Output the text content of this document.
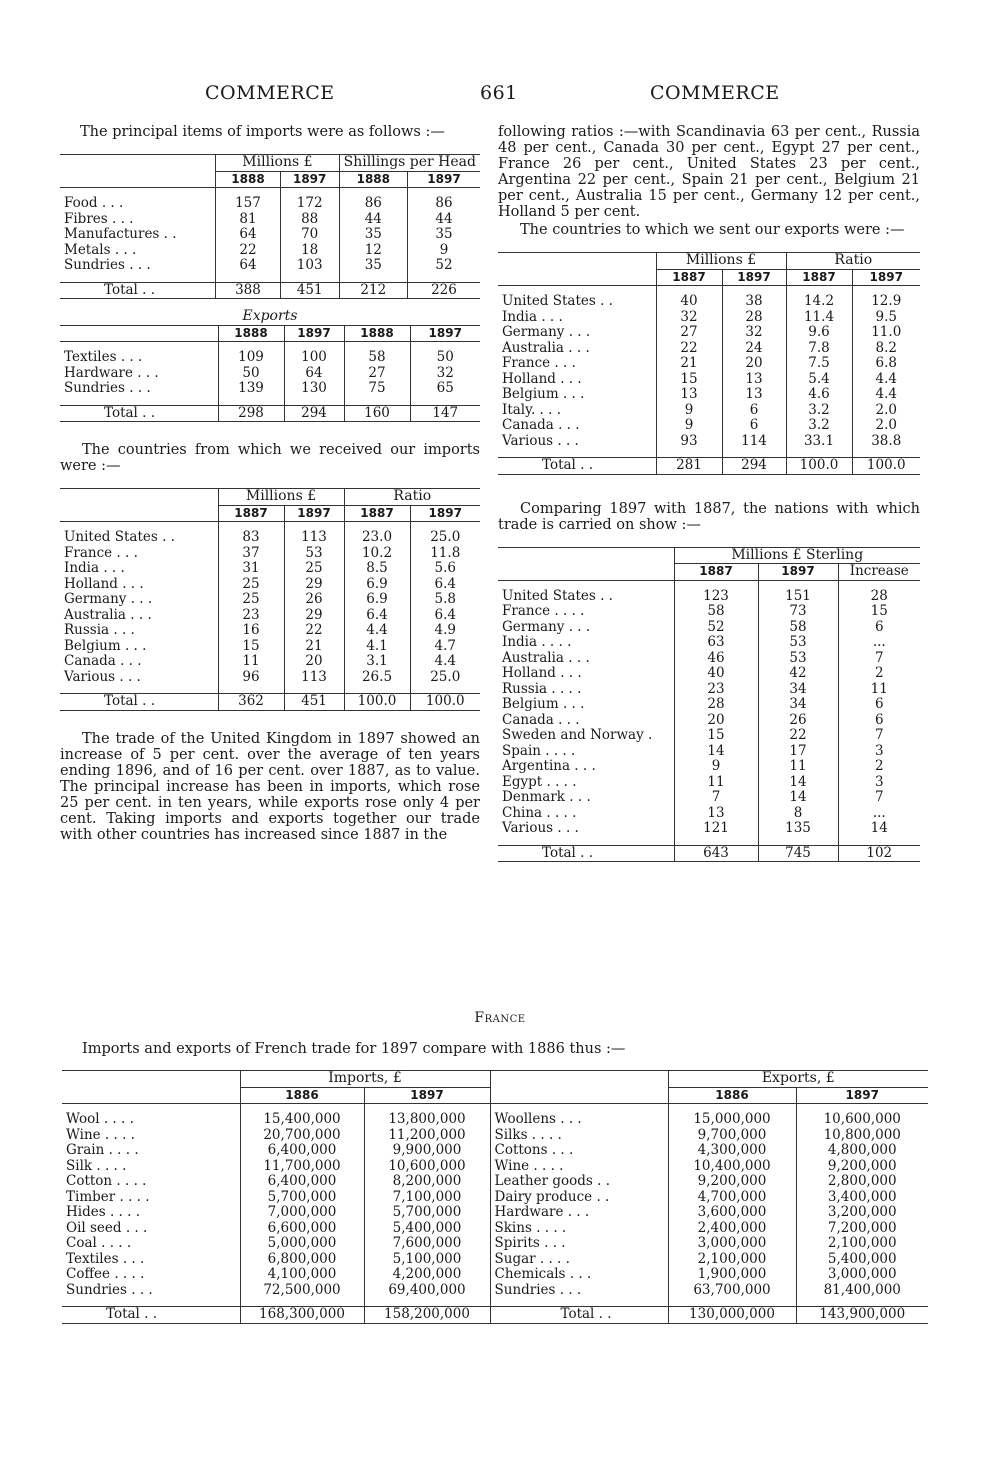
COMMERCE	661	COMMERCE

The principal items of imports were as follows :—

	Millions £		Shillings per Head	
	1888	1897	1888	1897

Food . . .	157	172	86	86
Fibres . . .	81	88	44	44
Manufactures . .	64	70	35	35
Metals . . .	22	18	12	9
Sundries . . .	64	103	35	52

Total . .	388	451	212	226
Exports				
	1888	1897	1888	1897

Textiles . . .	109	100	58	50
Hardware . . .	50	64	27	32
Sundries . . .	139	130	75	65

Total . .	298	294	160	147

The countries from which we received our imports were :—

	Millions £		Ratio	
	1887	1897	1887	1897

United States . .	83	113	23.0	25.0
France . . .	37	53	10.2	11.8
India . . .	31	25	8.5	5.6
Holland . . .	25	29	6.9	6.4
Germany . . .	25	26	6.9	5.8
Australia . . .	23	29	6.4	6.4
Russia . . .	16	22	4.4	4.9
Belgium . . .	15	21	4.1	4.7
Canada . . .	11	20	3.1	4.4
Various . . .	96	113	26.5	25.0

Total . .	362	451	100.0	100.0

The trade of the United Kingdom in 1897 showed an increase of 5 per cent. over the average of ten years ending 1896, and of 16 per cent. over 1887, as to value. The principal increase has been in imports, which rose 25 per cent. in ten years, while exports rose only 4 per cent. Taking imports and exports together our trade with other countries has increased since 1887 in the

following ratios :—with Scandinavia 63 per cent., Russia 48 per cent., Canada 30 per cent., Egypt 27 per cent., France 26 per cent., United States 23 per cent., Argentina 22 per cent., Spain 21 per cent., Belgium 21 per cent., Australia 15 per cent., Germany 12 per cent., Holland 5 per cent.

The countries to which we sent our exports were :—

	Millions £		Ratio	
	1887	1897	1887	1897

United States . .	40	38	14.2	12.9
India . . .	32	28	11.4	9.5
Germany . . .	27	32	9.6	11.0
Australia . . .	22	24	7.8	8.2
France . . .	21	20	7.5	6.8
Holland . . .	15	13	5.4	4.4
Belgium . . .	13	13	4.6	4.4
Italy. . . .	9	6	3.2	2.0
Canada . . .	9	6	3.2	2.0
Various . . .	93	114	33.1	38.8

Total . .	281	294	100.0	100.0

Comparing 1897 with 1887, the nations with which trade is carried on show :—

	Millions £ Sterling		
	1887	1897	Increase

United States . .	123	151	28
France . . . .	58	73	15
Germany . . .	52	58	6
India . . . .	63	53	...
Australia . . .	46	53	7
Holland . . .	40	42	2
Russia . . . .	23	34	11
Belgium . . .	28	34	6
Canada . . .	20	26	6
Sweden and Norway .	15	22	7
Spain . . . .	14	17	3
Argentina . . .	9	11	2
Egypt . . . .	11	14	3
Denmark . . .	7	14	7
China . . . .	13	8	...
Various . . .	121	135	14

Total . .	643	745	102
France

Imports and exports of French trade for 1897 compare with 1886 thus :—

	Imports, £			Exports, £	
	1886	1897		1886	1897

Wool . . . .	15,400,000	13,800,000	Woollens . . .	15,000,000	10,600,000
Wine . . . .	20,700,000	11,200,000	Silks . . . .	9,700,000	10,800,000
Grain . . . .	6,400,000	9,900,000	Cottons . . .	4,300,000	4,800,000
Silk . . . .	11,700,000	10,600,000	Wine . . . .	10,400,000	9,200,000
Cotton . . . .	6,400,000	8,200,000	Leather goods . .	9,200,000	2,800,000
Timber . . . .	5,700,000	7,100,000	Dairy produce . .	4,700,000	3,400,000
Hides . . . .	7,000,000	5,700,000	Hardware . . .	3,600,000	3,200,000
Oil seed . . .	6,600,000	5,400,000	Skins . . . .	2,400,000	7,200,000
Coal . . . .	5,000,000	7,600,000	Spirits . . .	3,000,000	2,100,000
Textiles . . .	6,800,000	5,100,000	Sugar . . . .	2,100,000	5,400,000
Coffee . . . .	4,100,000	4,200,000	Chemicals . . .	1,900,000	3,000,000
Sundries . . .	72,500,000	69,400,000	Sundries . . .	63,700,000	81,400,000

Total . .	168,300,000	158,200,000	Total . .	130,000,000	143,900,000
